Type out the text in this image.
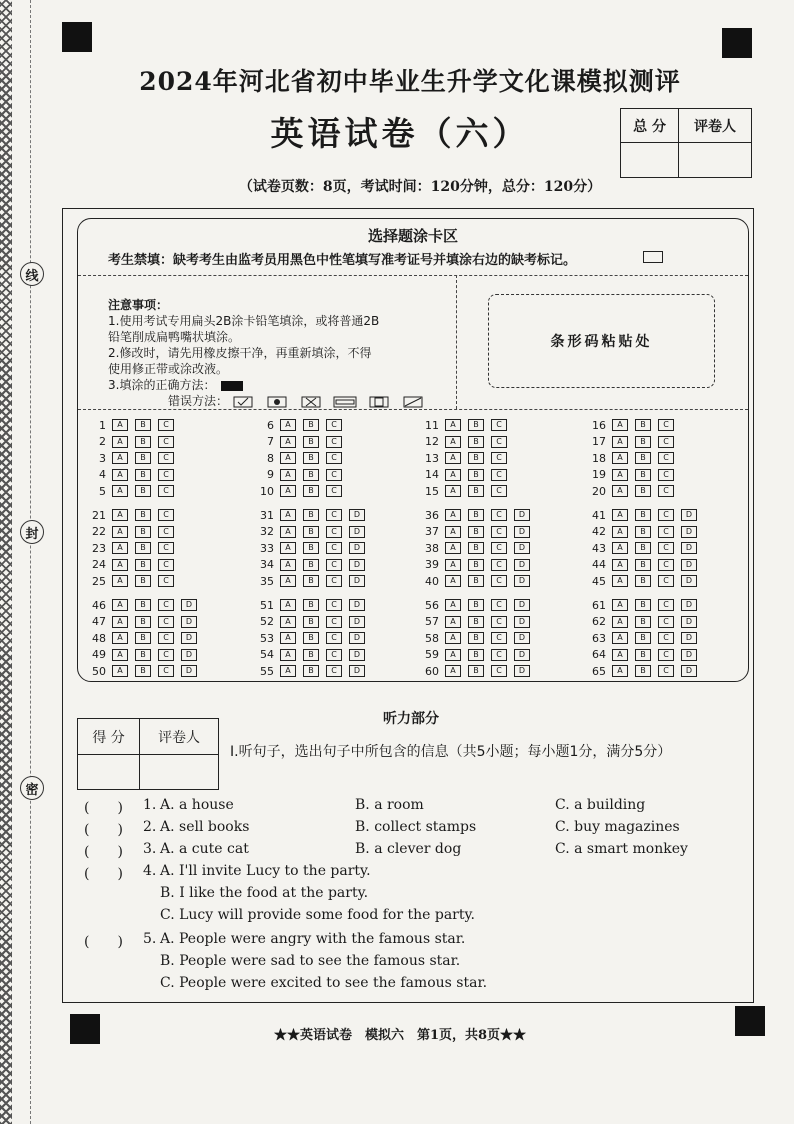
线
封
密
2024年河北省初中毕业生升学文化课模拟测评
英语试卷（六）
（试卷页数：8页，考试时间：120分钟，总分：120分）
总 分	评卷人

选择题涂卡区
考生禁填：缺考考生由监考员用黑色中性笔填写准考证号并填涂右边的缺考标记。
注意事项：
1.使用考试专用扁头2B涂卡铅笔填涂，或将普通2B
铅笔削成扁鸭嘴状填涂。
2.修改时，请先用橡皮擦干净，再重新填涂，不得
使用修正带或涂改液。
3.填涂的正确方法：
错误方法：
条形码粘贴处
1	A	B	C
2	A	B	C
3	A	B	C
4	A	B	C
5	A	B	C
6	A	B	C
7	A	B	C
8	A	B	C
9	A	B	C
10	A	B	C
11	A	B	C
12	A	B	C
13	A	B	C
14	A	B	C
15	A	B	C
16	A	B	C
17	A	B	C
18	A	B	C
19	A	B	C
20	A	B	C
21	A	B	C
22	A	B	C
23	A	B	C
24	A	B	C
25	A	B	C
31	A	B	C	D
32	A	B	C	D
33	A	B	C	D
34	A	B	C	D
35	A	B	C	D
36	A	B	C	D
37	A	B	C	D
38	A	B	C	D
39	A	B	C	D
40	A	B	C	D
41	A	B	C	D
42	A	B	C	D
43	A	B	C	D
44	A	B	C	D
45	A	B	C	D
46	A	B	C	D
47	A	B	C	D
48	A	B	C	D
49	A	B	C	D
50	A	B	C	D
51	A	B	C	D
52	A	B	C	D
53	A	B	C	D
54	A	B	C	D
55	A	B	C	D
56	A	B	C	D
57	A	B	C	D
58	A	B	C	D
59	A	B	C	D
60	A	B	C	D
61	A	B	C	D
62	A	B	C	D
63	A	B	C	D
64	A	B	C	D
65	A	B	C	D
得 分	评卷人

听力部分
Ⅰ.听句子，选出句子中所包含的信息（共5小题；每小题1分，满分5分）
(　　) 1. A. a house	B. a room	C. a building
(　　) 2. A. sell books	B. collect stamps	C. buy magazines
(　　) 3. A. a cute cat	B. a clever dog	C. a smart monkey
(　　) 4. A. I'll invite Lucy to the party.
B. I like the food at the party.
C. Lucy will provide some food for the party.
(　　) 5. A. People were angry with the famous star.
B. People were sad to see the famous star.
C. People were excited to see the famous star.
★★英语试卷　模拟六　第1页，共8页★★
